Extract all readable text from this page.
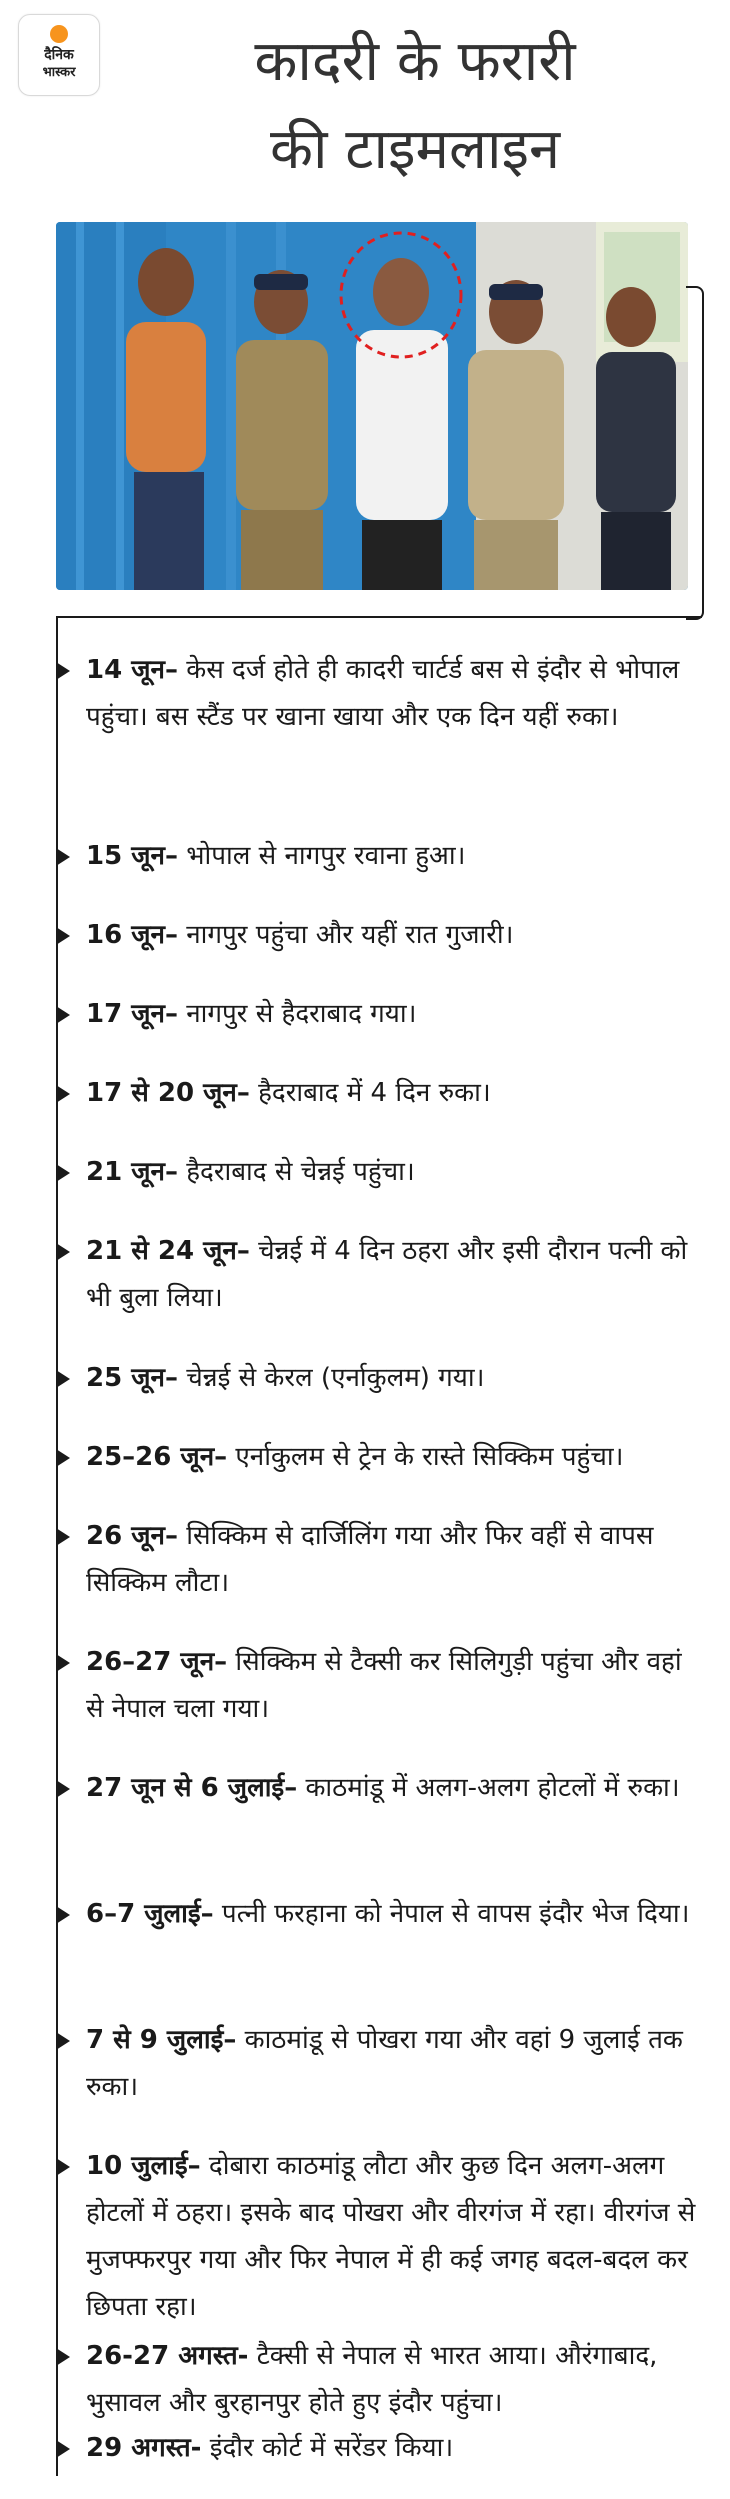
दैनिक
भास्कर	कादरी के फरारी
की टाइमलाइन
14 जून– केस दर्ज होते ही कादरी चार्टर्ड बस से इंदौर से भोपाल पहुंचा। बस स्टैंड पर खाना खाया और एक दिन यहीं रुका।
15 जून– भोपाल से नागपुर रवाना हुआ।
16 जून– नागपुर पहुंचा और यहीं रात गुजारी।
17 जून– नागपुर से हैदराबाद गया।
17 से 20 जून– हैदराबाद में 4 दिन रुका।
21 जून– हैदराबाद से चेन्नई पहुंचा।
21 से 24 जून– चेन्नई में 4 दिन ठहरा और इसी दौरान पत्नी को भी बुला लिया।
25 जून– चेन्नई से केरल (एर्नाकुलम) गया।
25–26 जून– एर्नाकुलम से ट्रेन के रास्ते सिक्किम पहुंचा।
26 जून– सिक्किम से दार्जिलिंग गया और फिर वहीं से वापस सिक्किम लौटा।
26–27 जून– सिक्किम से टैक्सी कर सिलिगुड़ी पहुंचा और वहां से नेपाल चला गया।
27 जून से 6 जुलाई– काठमांडू में अलग-अलग होटलों में रुका।
6–7 जुलाई– पत्नी फरहाना को नेपाल से वापस इंदौर भेज दिया।
7 से 9 जुलाई– काठमांडू से पोखरा गया और वहां 9 जुलाई तक रुका।
10 जुलाई– दोबारा काठमांडू लौटा और कुछ दिन अलग-अलग होटलों में ठहरा। इसके बाद पोखरा और वीरगंज में रहा। वीरगंज से मुजफ्फरपुर गया और फिर नेपाल में ही कई जगह बदल-बदल कर छिपता रहा।
26-27 अगस्त- टैक्सी से नेपाल से भारत आया। औरंगाबाद, भुसावल और बुरहानपुर होते हुए इंदौर पहुंचा।
29 अगस्त- इंदौर कोर्ट में सरेंडर किया।
